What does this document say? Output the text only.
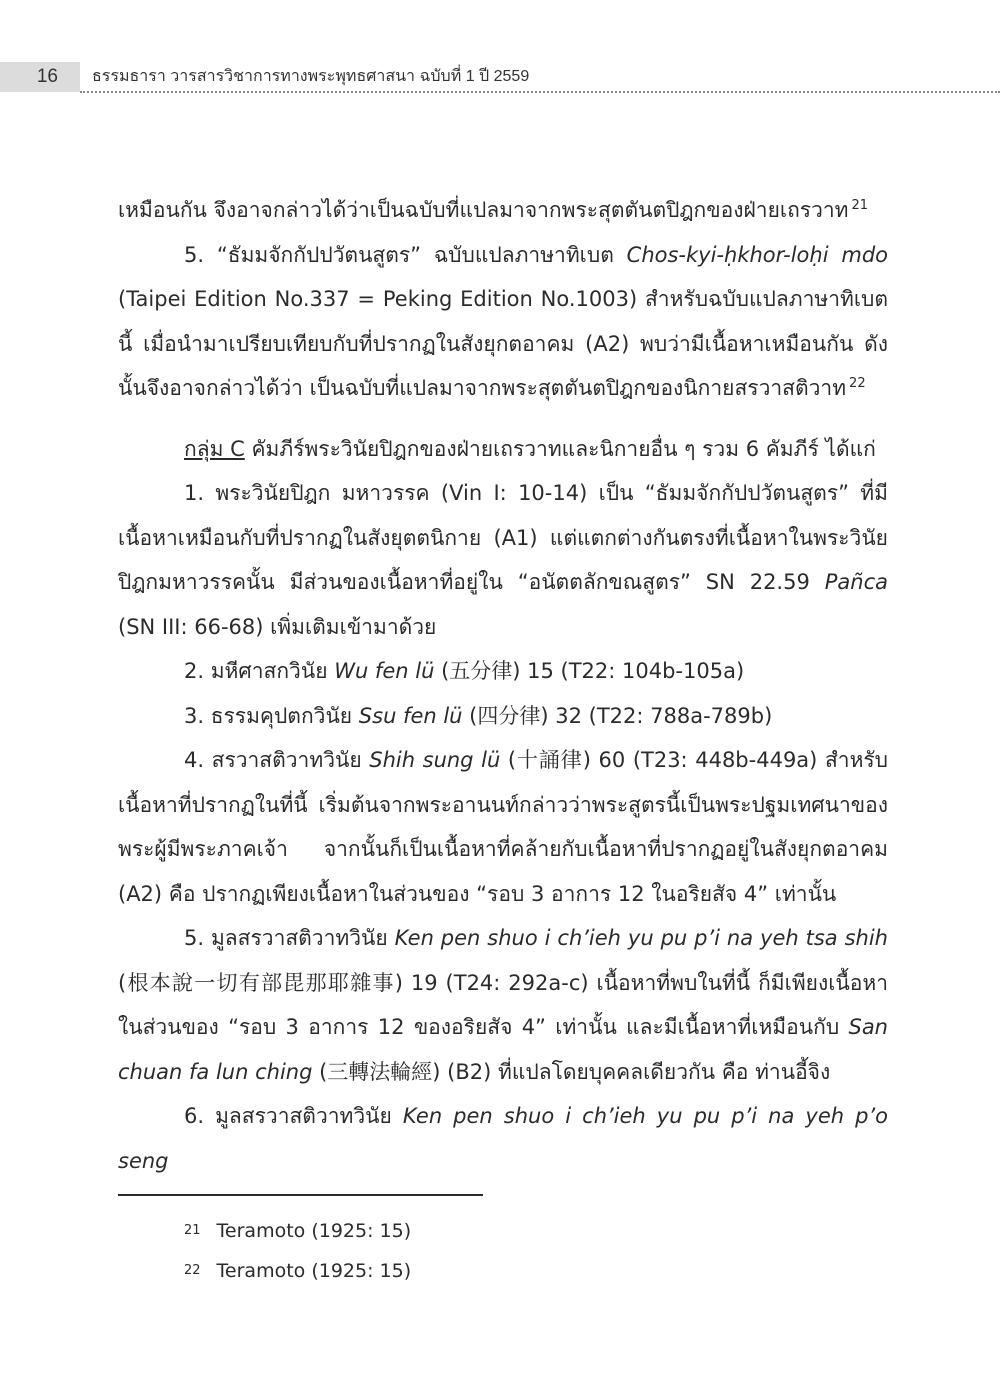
16	ธรรมธารา วารสารวิชาการทางพระพุทธศาสนา ฉบับที่ 1 ปี 2559

เหมือนกัน จึงอาจกล่าวได้ว่าเป็นฉบับที่แปลมาจากพระสุตตันตปิฎกของฝ่ายเถรวาท $^{21}$

5. “ธัมมจักกัปปวัตนสูตร” ฉบับแปลภาษาทิเบต Chos-kyi-ḥkhor-loḥi mdo (Taipei Edition No.337 = Peking Edition No.1003) สำหรับฉบับแปลภาษาทิเบตนี้ เมื่อนำมาเปรียบเทียบกับที่ปรากฏในสังยุกตอาคม (A2) พบว่ามีเนื้อหาเหมือนกัน ดังนั้นจึงอาจกล่าวได้ว่า เป็นฉบับที่แปลมาจากพระสุตตันตปิฎกของนิกายสรวาสติวาท $^{22}$

กลุ่ม C คัมภีร์พระวินัยปิฎกของฝ่ายเถรวาทและนิกายอื่น ๆ รวม 6 คัมภีร์ ได้แก่

1. พระวินัยปิฎก มหาวรรค (Vin I: 10-14) เป็น “ธัมมจักกัปปวัตนสูตร” ที่มี เนื้อหาเหมือนกับที่ปรากฏในสังยุตตนิกาย (A1) แต่แตกต่างกันตรงที่เนื้อหาในพระวินัยปิฎกมหาวรรคนั้น มีส่วนของเนื้อหาที่อยู่ใน “อนัตตลักขณสูตร” SN 22.59 Pañca (SN III: 66-68) เพิ่มเติมเข้ามาด้วย

2. มหีศาสกวินัย Wu fen lü (五分律) 15 (T22: 104b-105a)

3. ธรรมคุปตกวินัย Ssu fen lü (四分律) 32 (T22: 788a-789b)

4. สรวาสติวาทวินัย Shih sung lü (十誦律) 60 (T23: 448b-449a) สำหรับเนื้อหาที่ปรากฏในที่นี้ เริ่มต้นจากพระอานนท์กล่าวว่าพระสูตรนี้เป็นพระปฐมเทศนาของพระผู้มีพระภาคเจ้า จากนั้นก็เป็นเนื้อหาที่คล้ายกับเนื้อหาที่ปรากฏอยู่ในสังยุกตอาคม (A2) คือ ปรากฏเพียงเนื้อหาในส่วนของ “รอบ 3 อาการ 12 ในอริยสัจ 4” เท่านั้น

5. มูลสรวาสติวาทวินัย Ken pen shuo i ch’ieh yu pu p’i na yeh tsa shih (根本說一切有部毘那耶雜事) 19 (T24: 292a-c) เนื้อหาที่พบในที่นี้ ก็มีเพียงเนื้อหาในส่วนของ “รอบ 3 อาการ 12 ของอริยสัจ 4” เท่านั้น และมีเนื้อหาที่เหมือนกับ San chuan fa lun ching (三轉法輪經) (B2) ที่แปลโดยบุคคลเดียวกัน คือ ท่านอี้จิง

6. มูลสรวาสติวาทวินัย Ken pen shuo i ch’ieh yu pu p’i na yeh p’o seng

$^{21}$ Teramoto (1925: 15)
$^{22}$ Teramoto (1925: 15)
